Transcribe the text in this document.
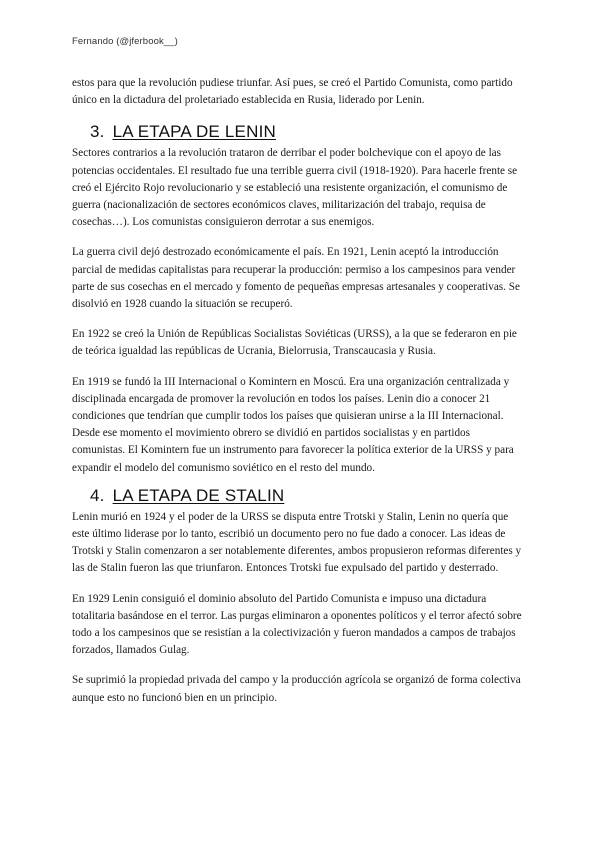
Fernando (@jferbook__)

estos para que la revolución pudiese triunfar. Así pues, se creó el Partido Comunista, como partido único en la dictadura del proletariado establecida en Rusia, liderado por Lenin.

3. LA ETAPA DE LENIN

Sectores contrarios a la revolución trataron de derribar el poder bolchevique con el apoyo de las potencias occidentales. El resultado fue una terrible guerra civil (1918-1920). Para hacerle frente se creó el Ejército Rojo revolucionario y se estableció una resistente organización, el comunismo de guerra (nacionalización de sectores económicos claves, militarización del trabajo, requisa de cosechas…). Los comunistas consiguieron derrotar a sus enemigos.

La guerra civil dejó destrozado económicamente el país. En 1921, Lenin aceptó la introducción parcial de medidas capitalistas para recuperar la producción: permiso a los campesinos para vender parte de sus cosechas en el mercado y fomento de pequeñas empresas artesanales y cooperativas. Se disolvió en 1928 cuando la situación se recuperó.

En 1922 se creó la Unión de Repúblicas Socialistas Soviéticas (URSS), a la que se federaron en pie de teórica igualdad las repúblicas de Ucrania, Bielorrusia, Transcaucasia y Rusia.

En 1919 se fundó la III Internacional o Komintern en Moscú. Era una organización centralizada y disciplinada encargada de promover la revolución en todos los países. Lenin dio a conocer 21 condiciones que tendrían que cumplir todos los países que quisieran unirse a la III Internacional. Desde ese momento el movimiento obrero se dividió en partidos socialistas y en partidos comunistas. El Komintern fue un instrumento para favorecer la política exterior de la URSS y para expandir el modelo del comunismo soviético en el resto del mundo.

4. LA ETAPA DE STALIN

Lenin murió en 1924 y el poder de la URSS se disputa entre Trotski y Stalin, Lenin no quería que este último liderase por lo tanto, escribió un documento pero no fue dado a conocer. Las ideas de Trotski y Stalin comenzaron a ser notablemente diferentes, ambos propusieron reformas diferentes y las de Stalin fueron las que triunfaron. Entonces Trotski fue expulsado del partido y desterrado.

En 1929 Lenin consiguió el dominio absoluto del Partido Comunista e impuso una dictadura totalitaria basándose en el terror. Las purgas eliminaron a oponentes políticos y el terror afectó sobre todo a los campesinos que se resistían a la colectivización y fueron mandados a campos de trabajos forzados, llamados Gulag.

Se suprimió la propiedad privada del campo y la producción agrícola se organizó de forma colectiva aunque esto no funcionó bien en un principio.
